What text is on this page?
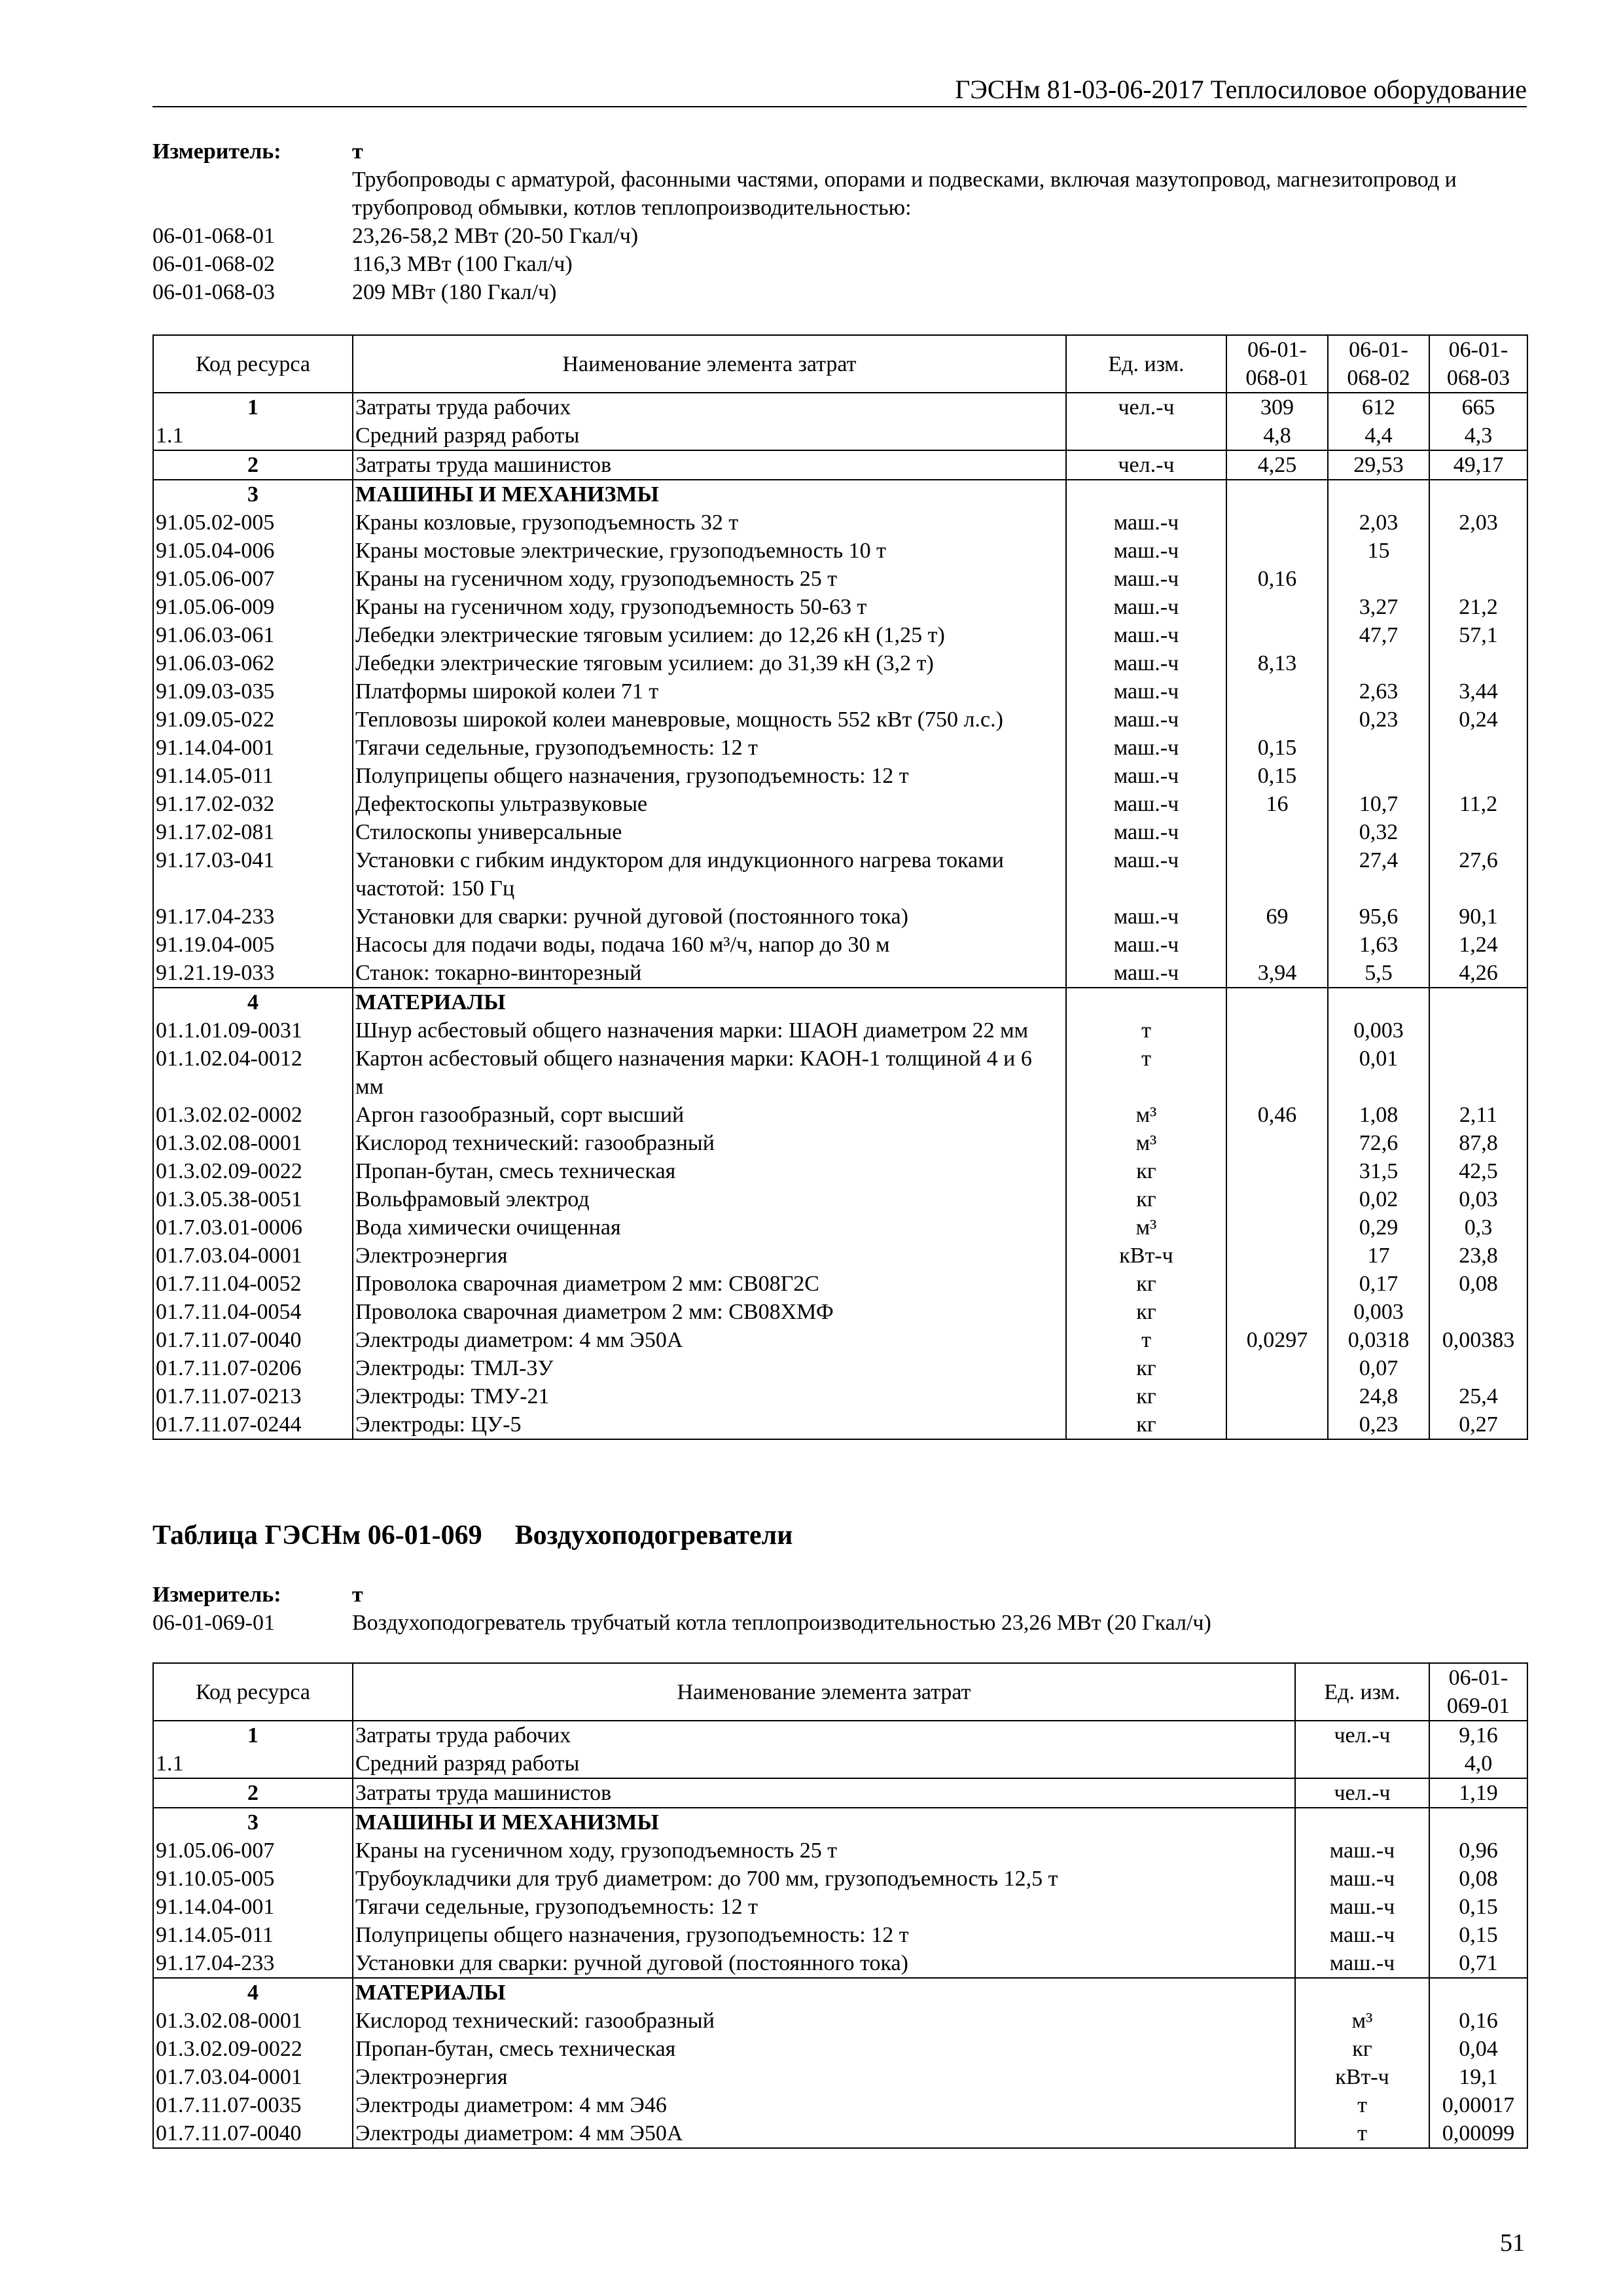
ГЭСНм 81-03-06-2017 Теплосиловое оборудование
Измеритель:	т
Трубопроводы с арматурой, фасонными частями, опорами и подвесками, включая мазутопровод, магнезитопровод и трубопровод обмывки, котлов теплопроизводительностью:
06-01-068-01	23,26-58,2 МВт (20-50 Гкал/ч)
06-01-068-02	116,3 МВт (100 Гкал/ч)
06-01-068-03	209 МВт (180 Гкал/ч)
Код ресурса	Наименование элемента затрат	Ед. изм.	06-01-068-01	06-01-068-02	06-01-068-03
1	Затраты труда рабочих	чел.-ч	309	612	665
1.1	Средний разряд работы		4,8	4,4	4,3
2	Затраты труда машинистов	чел.-ч	4,25	29,53	49,17
3	МАШИНЫ И МЕХАНИЗМЫ				
91.05.02-005	Краны козловые, грузоподъемность 32 т	маш.-ч		2,03	2,03
91.05.04-006	Краны мостовые электрические, грузоподъемность 10 т	маш.-ч		15	
91.05.06-007	Краны на гусеничном ходу, грузоподъемность 25 т	маш.-ч	0,16		
91.05.06-009	Краны на гусеничном ходу, грузоподъемность 50-63 т	маш.-ч		3,27	21,2
91.06.03-061	Лебедки электрические тяговым усилием: до 12,26 кН (1,25 т)	маш.-ч		47,7	57,1
91.06.03-062	Лебедки электрические тяговым усилием: до 31,39 кН (3,2 т)	маш.-ч	8,13		
91.09.03-035	Платформы широкой колеи 71 т	маш.-ч		2,63	3,44
91.09.05-022	Тепловозы широкой колеи маневровые, мощность 552 кВт (750 л.с.)	маш.-ч		0,23	0,24
91.14.04-001	Тягачи седельные, грузоподъемность: 12 т	маш.-ч	0,15		
91.14.05-011	Полуприцепы общего назначения, грузоподъемность: 12 т	маш.-ч	0,15		
91.17.02-032	Дефектоскопы ультразвуковые	маш.-ч	16	10,7	11,2
91.17.02-081	Стилоскопы универсальные	маш.-ч		0,32	
91.17.03-041	Установки с гибким индуктором для индукционного нагрева токами частотой: 150 Гц	маш.-ч		27,4	27,6
91.17.04-233	Установки для сварки: ручной дуговой (постоянного тока)	маш.-ч	69	95,6	90,1
91.19.04-005	Насосы для подачи воды, подача 160 м³/ч, напор до 30 м	маш.-ч		1,63	1,24
91.21.19-033	Станок: токарно-винторезный	маш.-ч	3,94	5,5	4,26
4	МАТЕРИАЛЫ				
01.1.01.09-0031	Шнур асбестовый общего назначения марки: ШАОН диаметром 22 мм	т		0,003	
01.1.02.04-0012	Картон асбестовый общего назначения марки: КАОН-1 толщиной 4 и 6 мм	т		0,01	
01.3.02.02-0002	Аргон газообразный, сорт высший	м³	0,46	1,08	2,11
01.3.02.08-0001	Кислород технический: газообразный	м³		72,6	87,8
01.3.02.09-0022	Пропан-бутан, смесь техническая	кг		31,5	42,5
01.3.05.38-0051	Вольфрамовый электрод	кг		0,02	0,03
01.7.03.01-0006	Вода химически очищенная	м³		0,29	0,3
01.7.03.04-0001	Электроэнергия	кВт-ч		17	23,8
01.7.11.04-0052	Проволока сварочная диаметром 2 мм: СВ08Г2С	кг		0,17	0,08
01.7.11.04-0054	Проволока сварочная диаметром 2 мм: СВ08ХМФ	кг		0,003	
01.7.11.07-0040	Электроды диаметром: 4 мм Э50А	т	0,0297	0,0318	0,00383
01.7.11.07-0206	Электроды: ТМЛ-3У	кг		0,07	
01.7.11.07-0213	Электроды: ТМУ-21	кг		24,8	25,4
01.7.11.07-0244	Электроды: ЦУ-5	кг		0,23	0,27
Таблица ГЭСНм 06-01-069 Воздухоподогреватели
Измеритель:	т
06-01-069-01	Воздухоподогреватель трубчатый котла теплопроизводительностью 23,26 МВт (20 Гкал/ч)
Код ресурса	Наименование элемента затрат	Ед. изм.	06-01-069-01
1	Затраты труда рабочих	чел.-ч	9,16
1.1	Средний разряд работы		4,0
2	Затраты труда машинистов	чел.-ч	1,19
3	МАШИНЫ И МЕХАНИЗМЫ		
91.05.06-007	Краны на гусеничном ходу, грузоподъемность 25 т	маш.-ч	0,96
91.10.05-005	Трубоукладчики для труб диаметром: до 700 мм, грузоподъемность 12,5 т	маш.-ч	0,08
91.14.04-001	Тягачи седельные, грузоподъемность: 12 т	маш.-ч	0,15
91.14.05-011	Полуприцепы общего назначения, грузоподъемность: 12 т	маш.-ч	0,15
91.17.04-233	Установки для сварки: ручной дуговой (постоянного тока)	маш.-ч	0,71
4	МАТЕРИАЛЫ		
01.3.02.08-0001	Кислород технический: газообразный	м³	0,16
01.3.02.09-0022	Пропан-бутан, смесь техническая	кг	0,04
01.7.03.04-0001	Электроэнергия	кВт-ч	19,1
01.7.11.07-0035	Электроды диаметром: 4 мм Э46	т	0,00017
01.7.11.07-0040	Электроды диаметром: 4 мм Э50А	т	0,00099
51
